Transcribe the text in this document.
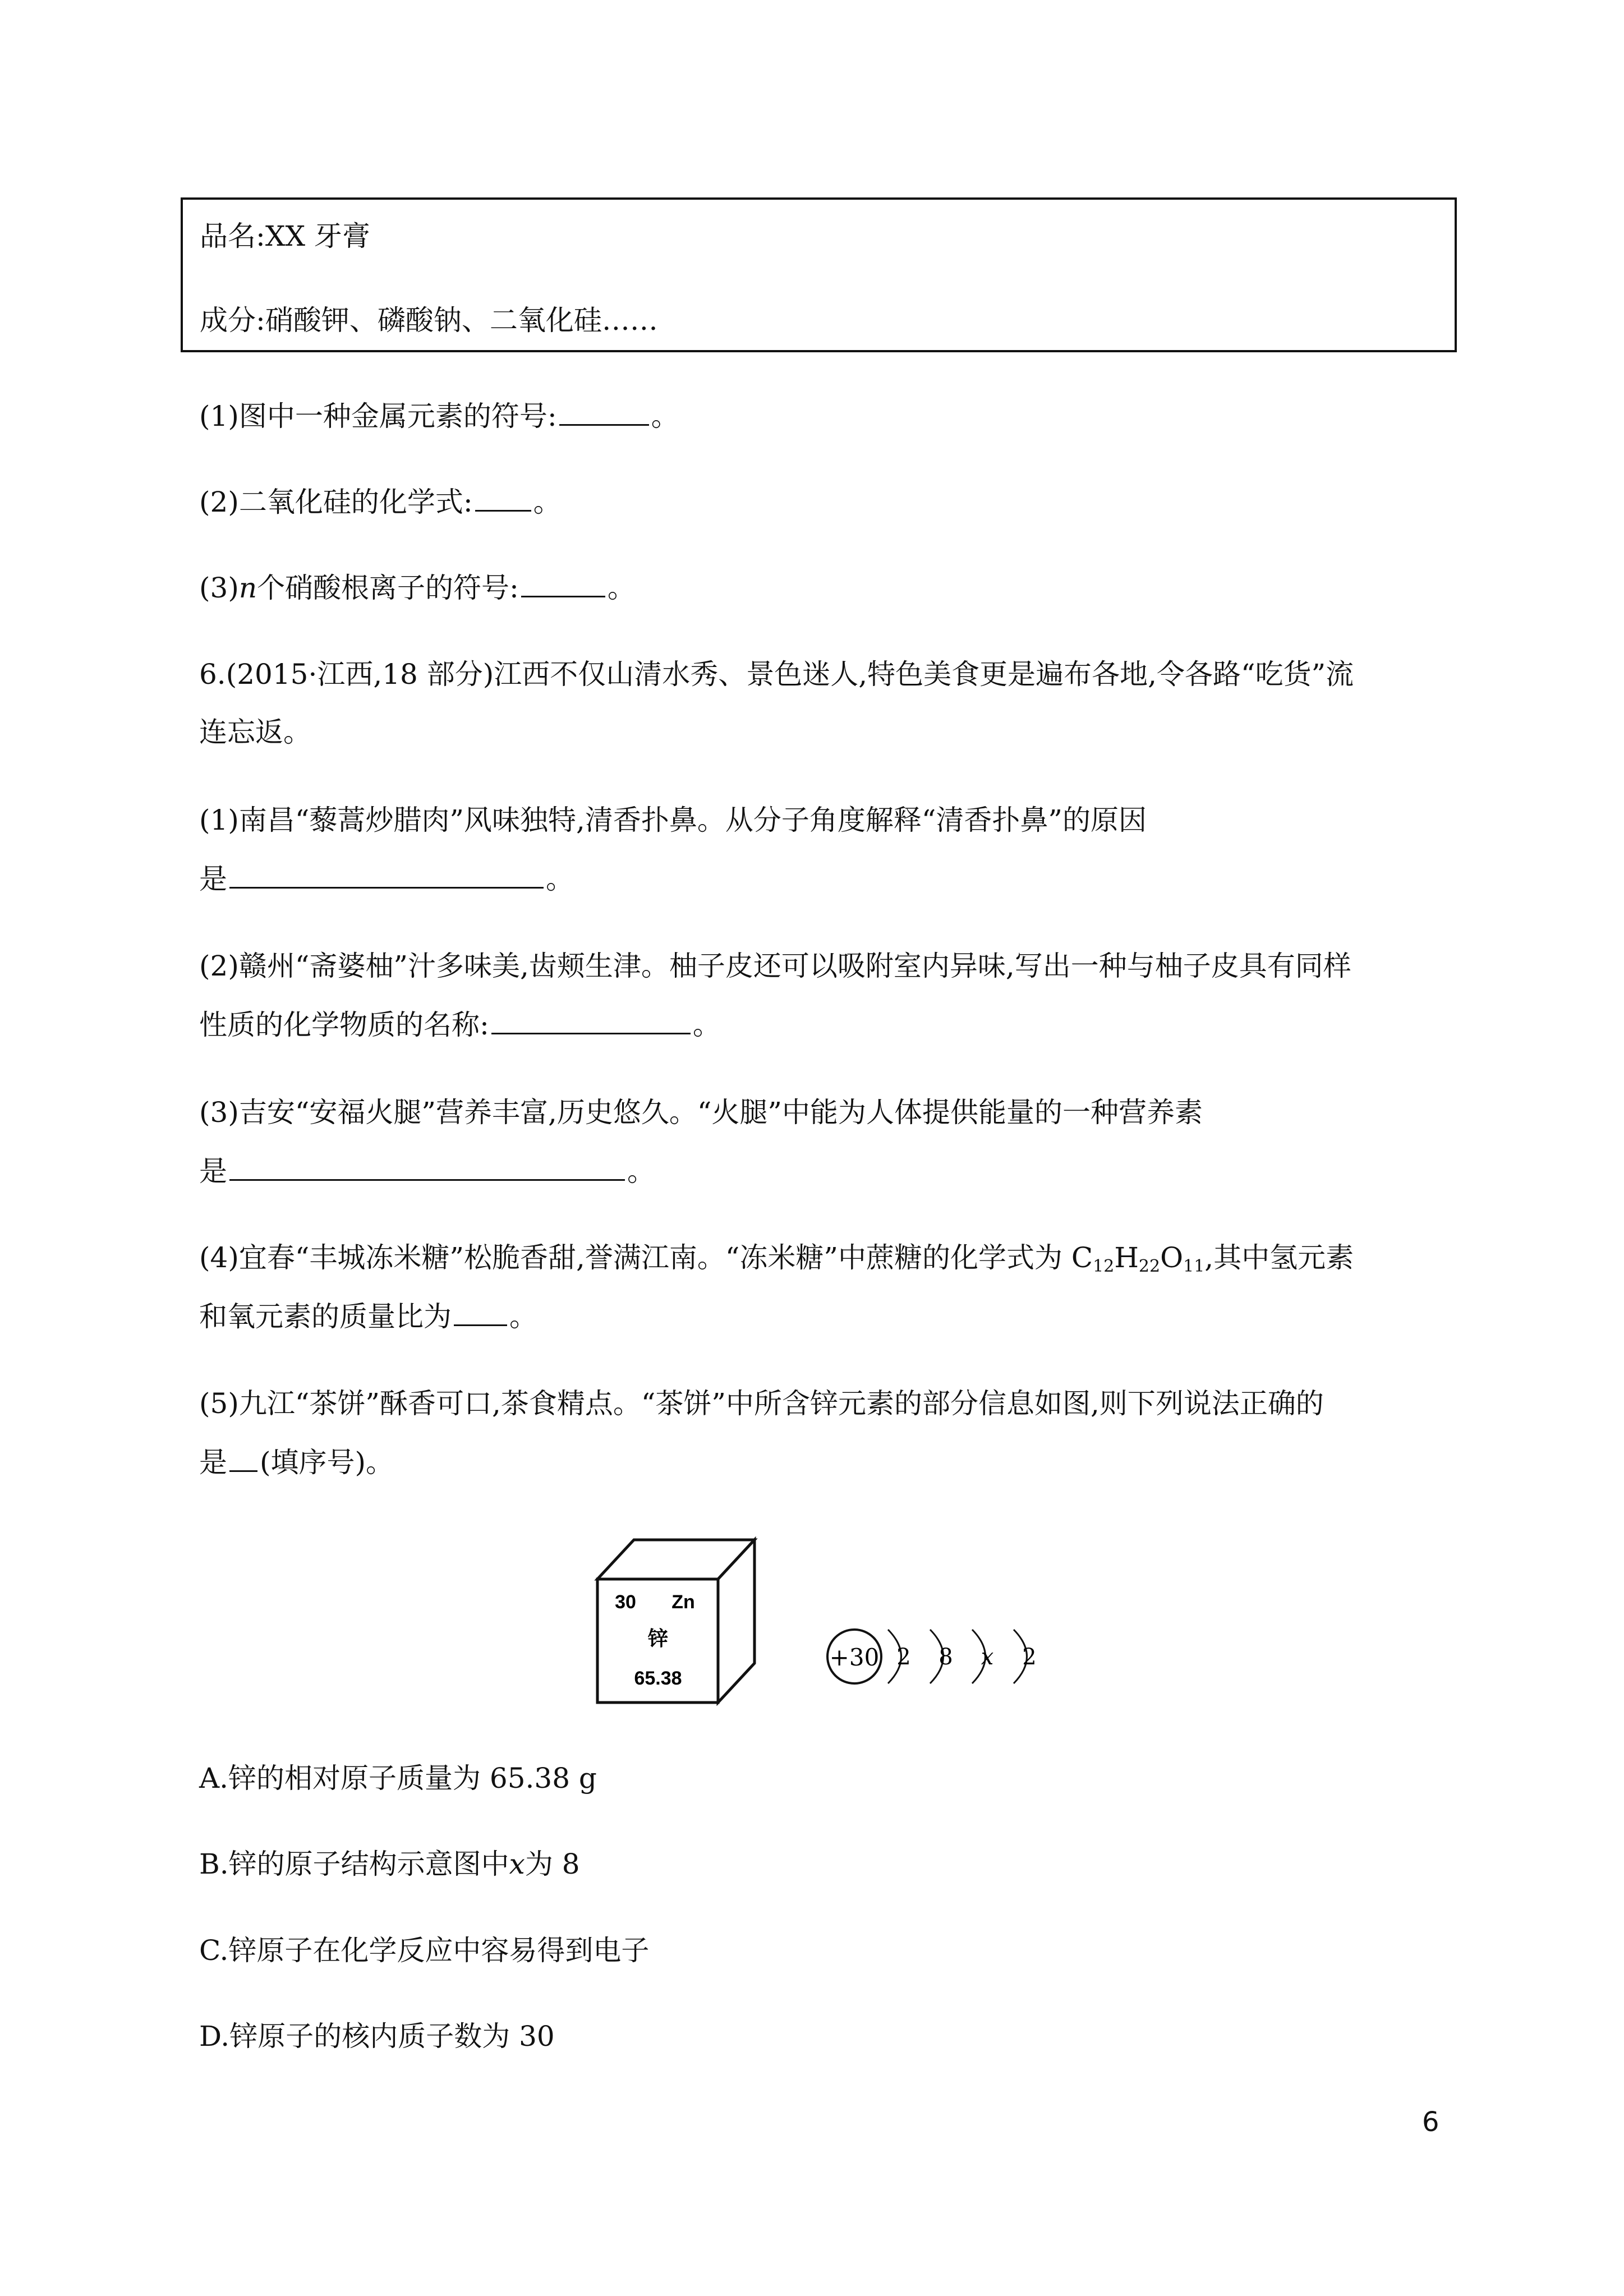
品名:XX 牙膏
成分:硝酸钾、磷酸钠、二氧化硅……
(1)图中一种金属元素的符号:	。
(2)二氧化硅的化学式: 。
(3)n个硝酸根离子的符号:	。
6.(2015·江西,18 部分)江西不仅山清水秀、景色迷人,特色美食更是遍布各地,令各路“吃货”流
连忘返。
(1)南昌“藜蒿炒腊肉”风味独特,清香扑鼻。从分子角度解释“清香扑鼻”的原因
是	。
(2)赣州“斋婆柚”汁多味美,齿颊生津。柚子皮还可以吸附室内异味,写出一种与柚子皮具有同样
性质的化学物质的名称:	。
(3)吉安“安福火腿”营养丰富,历史悠久。“火腿”中能为人体提供能量的一种营养素
是	。
(4)宜春“丰城冻米糖”松脆香甜,誉满江南。“冻米糖”中蔗糖的化学式为 $C_{12}H_{22}O_{11}$,其中氢元素
和氧元素的质量比为 。
(5)九江“茶饼”酥香可口,茶食精点。“茶饼”中所含锌元素的部分信息如图,则下列说法正确的
是 (填序号)。
30 Zn
锌
65.38
+30 2 8 x 2
A.锌的相对原子质量为 65.38 g
B.锌的原子结构示意图中x为 8
C.锌原子在化学反应中容易得到电子
D.锌原子的核内质子数为 30
6
